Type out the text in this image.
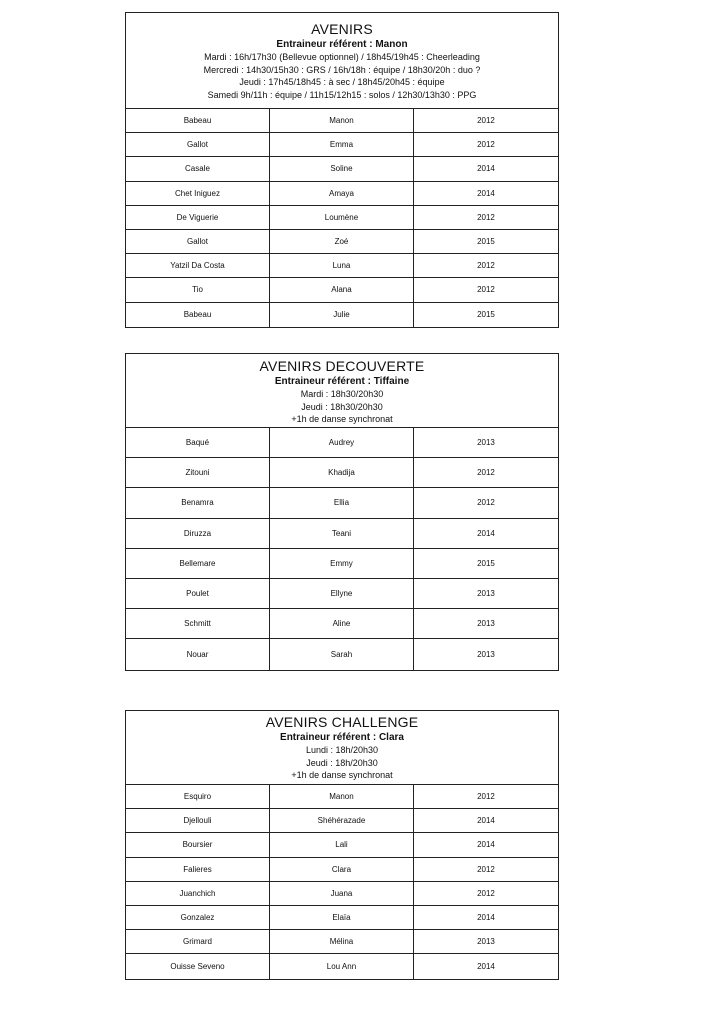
AVENIRS
Entraineur référent : Manon
Mardi : 16h/17h30 (Bellevue optionnel) / 18h45/19h45 : Cheerleading
Mercredi : 14h30/15h30 : GRS / 16h/18h : équipe / 18h30/20h : duo ?
Jeudi : 17h45/18h45 : à sec / 18h45/20h45 : équipe
Samedi 9h/11h : équipe / 11h15/12h15 : solos / 12h30/13h30 : PPG
Babeau	Manon	2012
Gallot	Emma	2012
Casale	Soline	2014
Chet Iniguez	Amaya	2014
De Viguerie	Loumène	2012
Gallot	Zoé	2015
Yatzil Da Costa	Luna	2012
Tio	Alana	2012
Babeau	Julie	2015
AVENIRS DECOUVERTE
Entraineur référent : Tiffaine
Mardi : 18h30/20h30
Jeudi : 18h30/20h30
+1h de danse synchronat
Baqué	Audrey	2013
Zitouni	Khadija	2012
Benamra	Ellia	2012
Diruzza	Teani	2014
Bellemare	Emmy	2015
Poulet	Ellyne	2013
Schmitt	Aline	2013
Nouar	Sarah	2013
AVENIRS CHALLENGE
Entraineur référent : Clara
Lundi : 18h/20h30
Jeudi : 18h/20h30
+1h de danse synchronat
Esquiro	Manon	2012
Djellouli	Shéhérazade	2014
Boursier	Lali	2014
Falieres	Clara	2012
Juanchich	Juana	2012
Gonzalez	Elaïa	2014
Grimard	Mélina	2013
Ouisse Seveno	Lou Ann	2014
